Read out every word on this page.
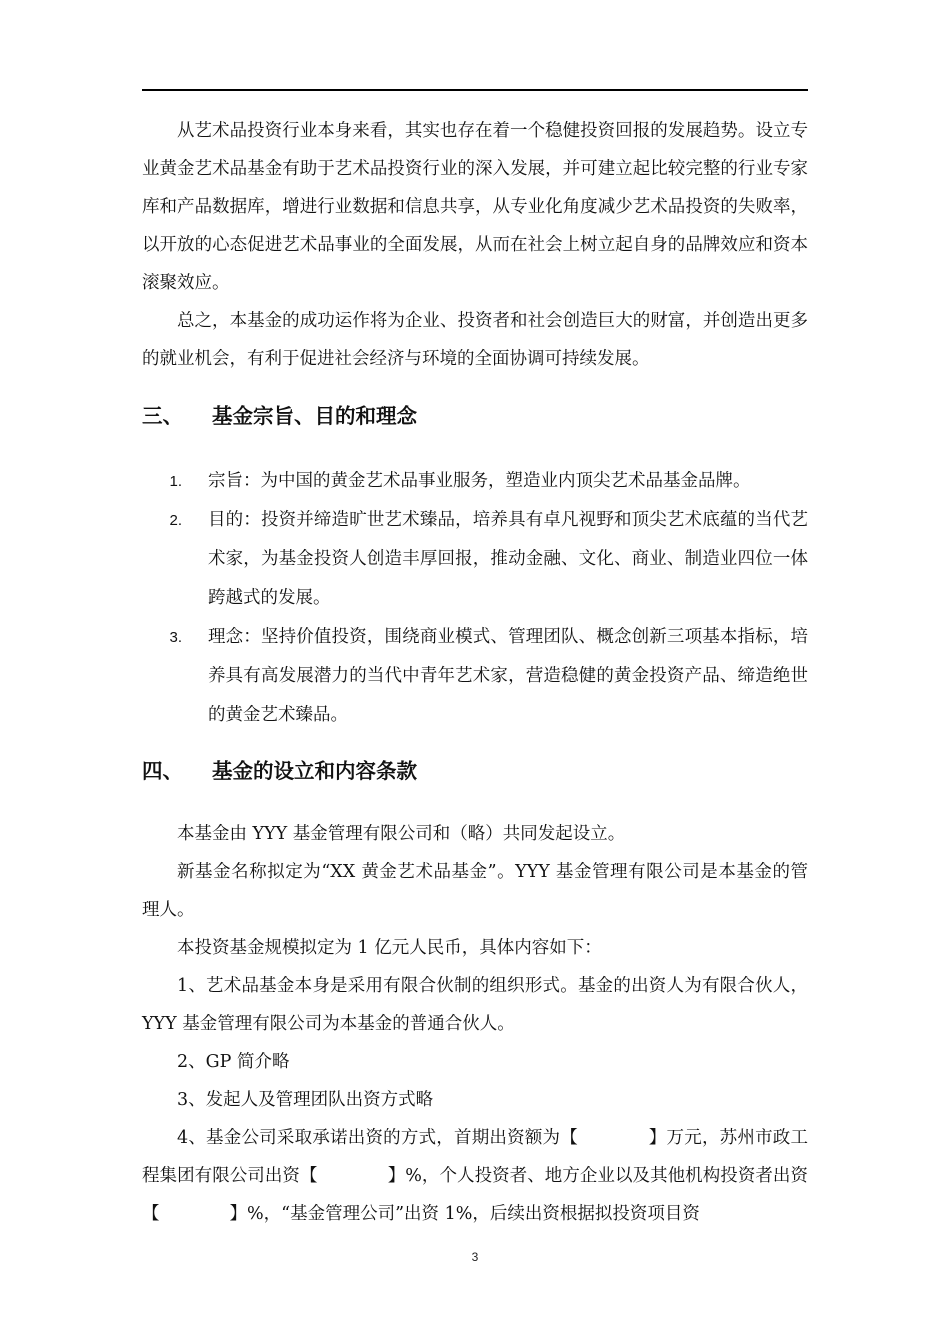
从艺术品投资行业本身来看，其实也存在着一个稳健投资回报的发展趋势。设立专业黄金艺术品基金有助于艺术品投资行业的深入发展，并可建立起比较完整的行业专家库和产品数据库，增进行业数据和信息共享，从专业化角度减少艺术品投资的失败率，以开放的心态促进艺术品事业的全面发展，从而在社会上树立起自身的品牌效应和资本滚聚效应。

总之，本基金的成功运作将为企业、投资者和社会创造巨大的财富，并创造出更多的就业机会，有利于促进社会经济与环境的全面协调可持续发展。

三、	基金宗旨、目的和理念
1.	宗旨：为中国的黄金艺术品事业服务，塑造业内顶尖艺术品基金品牌。
2.	目的：投资并缔造旷世艺术臻品，培养具有卓凡视野和顶尖艺术底蕴的当代艺术家，为基金投资人创造丰厚回报，推动金融、文化、商业、制造业四位一体跨越式的发展。
3.	理念：坚持价值投资，围绕商业模式、管理团队、概念创新三项基本指标，培养具有高发展潜力的当代中青年艺术家，营造稳健的黄金投资产品、缔造绝世的黄金艺术臻品。
四、	基金的设立和内容条款

本基金由 YYY 基金管理有限公司和（略）共同发起设立。

新基金名称拟定为“XX 黄金艺术品基金”。YYY 基金管理有限公司是本基金的管理人。

本投资基金规模拟定为 1 亿元人民币，具体内容如下：

1、艺术品基金本身是采用有限合伙制的组织形式。基金的出资人为有限合伙人，YYY 基金管理有限公司为本基金的普通合伙人。

2、GP 简介略

3、发起人及管理团队出资方式略

4、基金公司采取承诺出资的方式，首期出资额为【　　　　】万元，苏州市政工程集团有限公司出资【　　　　】%，个人投资者、地方企业以及其他机构投资者出资【　　　　】%，“基金管理公司”出资 1%，后续出资根据拟投资项目资

3
